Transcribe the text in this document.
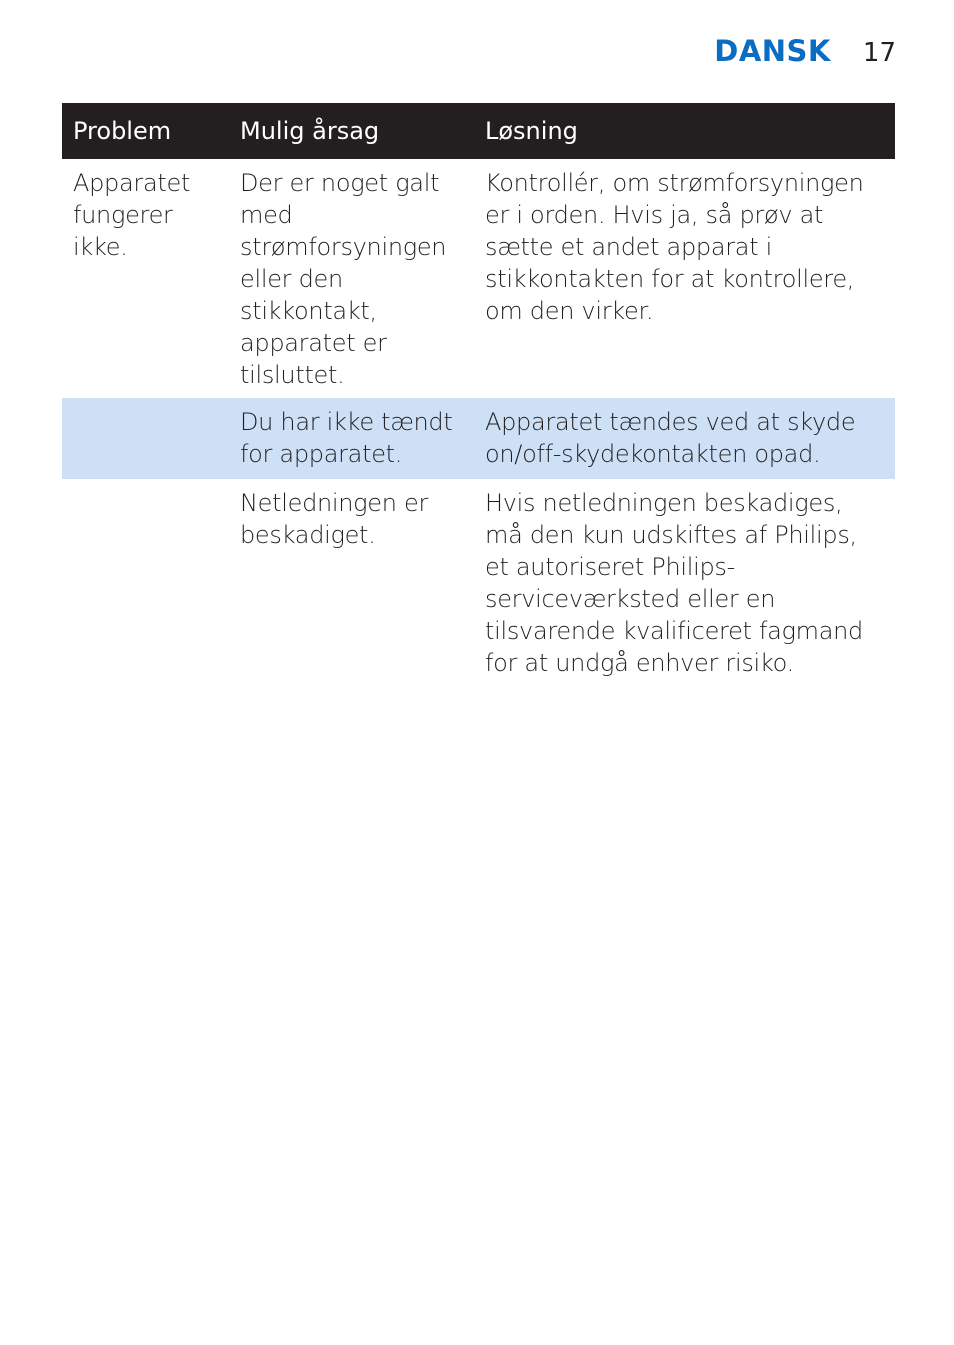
DANSK 17
Problem	Mulig årsag	Løsning
Apparatet fungerer ikke.
Der er noget galt med strømforsyningen eller den stikkontakt, apparatet er tilsluttet.
Kontrollér, om strømforsyningen er i orden. Hvis ja, så prøv at sætte et andet apparat i stikkontakten for at kontrollere, om den virker.
Du har ikke tændt for apparatet.
Apparatet tændes ved at skyde on/off-skydekontakten opad.
Netledningen er beskadiget.
Hvis netledningen beskadiges, må den kun udskiftes af Philips, et autoriseret Philips-serviceværksted eller en tilsvarende kvalificeret fagmand for at undgå enhver risiko.
